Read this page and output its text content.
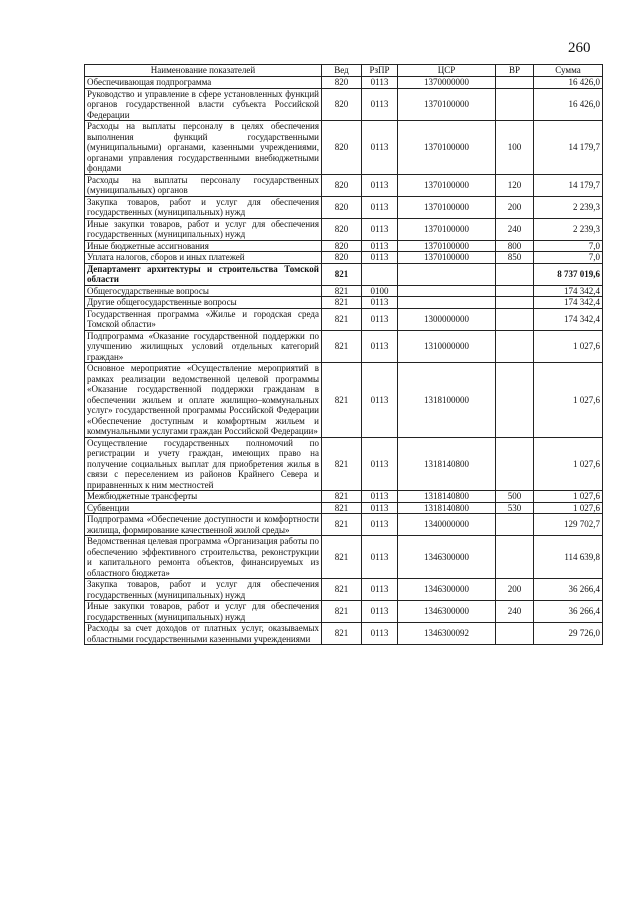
260
Наименование показателей	Вед	РзПР	ЦСР	ВР	Сумма
Обеспечивающая подпрограмма	820	0113	1370000000		16 426,0
Руководство и управление в сфере установленных функций органов государственной власти субъекта Российской Федерации	820	0113	1370100000		16 426,0
Расходы на выплаты персоналу в целях обеспечения выполнения функций государственными (муниципальными) органами, казенными учреждениями, органами управления государственными внебюджетными фондами	820	0113	1370100000	100	14 179,7
Расходы на выплаты персоналу государственных (муниципальных) органов	820	0113	1370100000	120	14 179,7
Закупка товаров, работ и услуг для обеспечения государственных (муниципальных) нужд	820	0113	1370100000	200	2 239,3
Иные закупки товаров, работ и услуг для обеспечения государственных (муниципальных) нужд	820	0113	1370100000	240	2 239,3
Иные бюджетные ассигнования	820	0113	1370100000	800	7,0
Уплата налогов, сборов и иных платежей	820	0113	1370100000	850	7,0
Департамент архитектуры и строительства Томской области	821				8 737 019,6
Общегосударственные вопросы	821	0100			174 342,4
Другие общегосударственные вопросы	821	0113			174 342,4
Государственная программа «Жилье и городская среда Томской области»	821	0113	1300000000		174 342,4
Подпрограмма «Оказание государственной поддержки по улучшению жилищных условий отдельных категорий граждан»	821	0113	1310000000		1 027,6
Основное мероприятие «Осуществление мероприятий в рамках реализации ведомственной целевой программы «Оказание государственной поддержки гражданам в обеспечении жильем и оплате жилищно–коммунальных услуг» государственной программы Российской Федерации «Обеспечение доступным и комфортным жильем и коммунальными услугами граждан Российской Федерации»	821	0113	1318100000		1 027,6
Осуществление государственных полномочий по регистрации и учету граждан, имеющих право на получение социальных выплат для приобретения жилья в связи с переселением из районов Крайнего Севера и приравненных к ним местностей	821	0113	1318140800		1 027,6
Межбюджетные трансферты	821	0113	1318140800	500	1 027,6
Субвенции	821	0113	1318140800	530	1 027,6
Подпрограмма «Обеспечение доступности и комфортности жилища, формирование качественной жилой среды»	821	0113	1340000000		129 702,7
Ведомственная целевая программа «Организация работы по обеспечению эффективного строительства, реконструкции и капитального ремонта объектов, финансируемых из областного бюджета»	821	0113	1346300000		114 639,8
Закупка товаров, работ и услуг для обеспечения государственных (муниципальных) нужд	821	0113	1346300000	200	36 266,4
Иные закупки товаров, работ и услуг для обеспечения государственных (муниципальных) нужд	821	0113	1346300000	240	36 266,4
Расходы за счет доходов от платных услуг, оказываемых областными государственными казенными учреждениями	821	0113	1346300092		29 726,0
